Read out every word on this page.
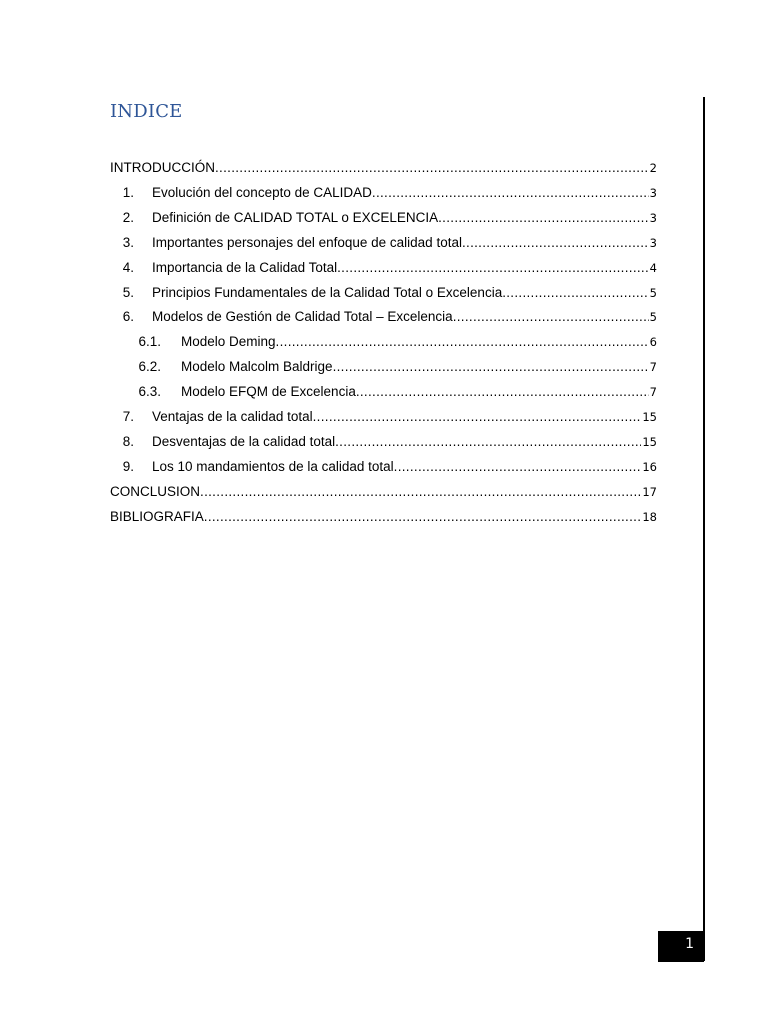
INDICE
INTRODUCCIÓN .....	2
1. Evolución del concepto de CALIDAD .....	3
2. Definición de CALIDAD TOTAL o EXCELENCIA .....	3
3. Importantes personajes del enfoque de calidad total .....	3
4. Importancia de la Calidad Total .....	4
5. Principios Fundamentales de la Calidad Total o Excelencia .....	5
6. Modelos de Gestión de Calidad Total – Excelencia .....	5
6.1. Modelo Deming .....	6
6.2. Modelo Malcolm Baldrige .....	7
6.3. Modelo EFQM de Excelencia .....	7
7. Ventajas de la calidad total .....	15
8. Desventajas de la calidad total .....	15
9. Los 10 mandamientos de la calidad total .....	16
CONCLUSION .....	17
BIBLIOGRAFIA .....	18
1
